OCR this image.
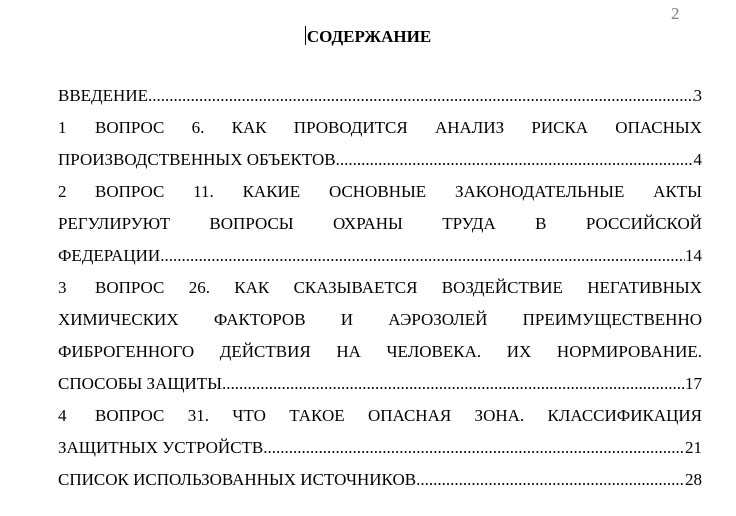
2
СОДЕРЖАНИЕ
ВВЕДЕНИЕ .....	3
1 ВОПРОС 6. КАК ПРОВОДИТСЯ АНАЛИЗ РИСКА ОПАСНЫХ
ПРОИЗВОДСТВЕННЫХ ОБЪЕКТОВ .....	4
2 ВОПРОС 11. КАКИЕ ОСНОВНЫЕ ЗАКОНОДАТЕЛЬНЫЕ АКТЫ
РЕГУЛИРУЮТ ВОПРОСЫ ОХРАНЫ ТРУДА В РОССИЙСКОЙ
ФЕДЕРАЦИИ .....	14
3 ВОПРОС 26. КАК СКАЗЫВАЕТСЯ ВОЗДЕЙСТВИЕ НЕГАТИВНЫХ
ХИМИЧЕСКИХ ФАКТОРОВ И АЭРОЗОЛЕЙ ПРЕИМУЩЕСТВЕННО
ФИБРОГЕННОГО ДЕЙСТВИЯ НА ЧЕЛОВЕКА. ИХ НОРМИРОВАНИЕ.
СПОСОБЫ ЗАЩИТЫ .....	17
4 ВОПРОС 31. ЧТО ТАКОЕ ОПАСНАЯ ЗОНА. КЛАССИФИКАЦИЯ
ЗАЩИТНЫХ УСТРОЙСТВ .....	21
СПИСОК ИСПОЛЬЗОВАННЫХ ИСТОЧНИКОВ .....	28
